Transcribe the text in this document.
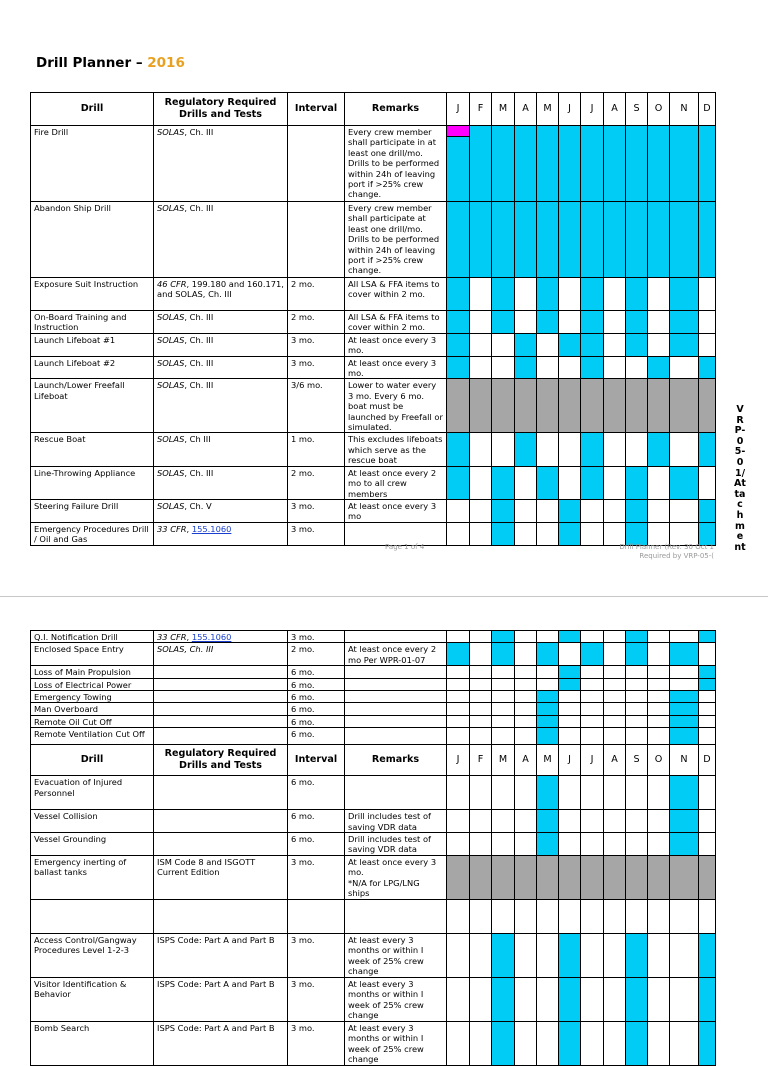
Drill Planner – 2016
Drill	Regulatory Required Drills and Tests	Interval	Remarks	J	F	M	A	M	J	J	A	S	O	N	D
Fire Drill	SOLAS, Ch. III		Every crew member shall participate in at least one drill/mo. Drills to be performed within 24h of leaving port if >25% crew change.	

Abandon Ship Drill	SOLAS, Ch. III		Every crew member shall participate at least one drill/mo. Drills to be performed within 24h of leaving port if >25% crew change.												
Exposure Suit Instruction	46 CFR, 199.180 and 160.171, and SOLAS, Ch. III	2 mo.	All LSA & FFA items to cover within 2 mo.												
On-Board Training and Instruction	SOLAS, Ch. III	2 mo.	All LSA & FFA items to cover within 2 mo.												
Launch Lifeboat #1	SOLAS, Ch. III	3 mo.	At least once every 3 mo.												
Launch Lifeboat #2	SOLAS, Ch. III	3 mo.	At least once every 3 mo.												
Launch/Lower Freefall Lifeboat	SOLAS, Ch. III	3/6 mo.	Lower to water every 3 mo. Every 6 mo. boat must be launched by Freefall or simulated.												
Rescue Boat	SOLAS, Ch III	1 mo.	This excludes lifeboats which serve as the rescue boat												
Line-Throwing Appliance	SOLAS, Ch. III	2 mo.	At least once every 2 mo to all crew members												
Steering Failure Drill	SOLAS, Ch. V	3 mo.	At least once every 3 mo												
Emergency Procedures Drill / Oil and Gas	33 CFR, 155.1060	3 mo.													
Page 1 of 4	Drill Planner (Rev. 30 Oct 1
Required by VRP-05-(
VRP-05-01/Attachment
Q.I. Notification Drill	33 CFR, 155.1060	3 mo.													
Enclosed Space Entry	SOLAS, Ch. III	2 mo.	At least once every 2 mo Per WPR-01-07												
Loss of Main Propulsion		6 mo.													
Loss of Electrical Power		6 mo.													
Emergency Towing		6 mo.													
Man Overboard		6 mo.													
Remote Oil Cut Off		6 mo.													
Remote Ventilation Cut Off		6 mo.													
Drill	Regulatory Required Drills and Tests	Interval	Remarks	J	F	M	A	M	J	J	A	S	O	N	D
Evacuation of Injured Personnel		6 mo.													
Vessel Collision		6 mo.	Drill includes test of saving VDR data												
Vessel Grounding		6 mo.	Drill includes test of saving VDR data												
Emergency inerting of ballast tanks	ISM Code 8 and ISGOTT Current Edition	3 mo.	At least once every 3 mo.
*N/A for LPG/LNG ships												

Access Control/Gangway Procedures Level 1-2-3	ISPS Code: Part A and Part B	3 mo.	At least every 3 months or within I week of 25% crew change												
Visitor Identification & Behavior	ISPS Code: Part A and Part B	3 mo.	At least every 3 months or within I week of 25% crew change												
Bomb Search	ISPS Code: Part A and Part B	3 mo.	At least every 3 months or within I week of 25% crew change												
